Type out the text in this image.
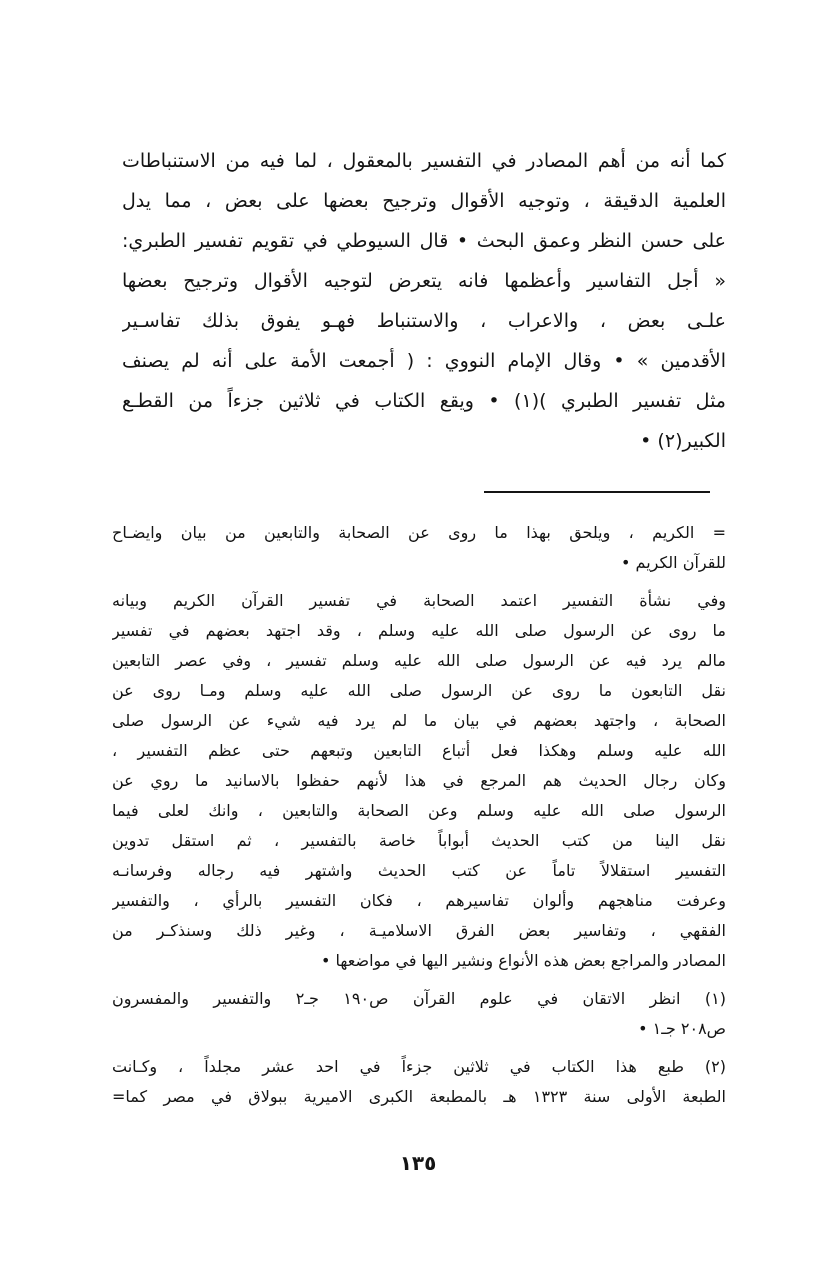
كما أنه من أهم المصادر في التفسير بالمعقول ، لما فيه من الاستنباطات
العلمية الدقيقة ، وتوجيه الأقوال وترجيح بعضها على بعض ، مما يدل
على حسن النظر وعمق البحث • قال السيوطي في تقويم تفسير الطبري:
« أجل التفاسير وأعظمها فانه يتعرض لتوجيه الأقوال وترجيح بعضها
علـى بعض ، والاعراب ، والاستنباط فهـو يفوق بذلك تفاسـير
الأقدمين » • وقال الإمام النووي : ( أجمعت الأمة على أنه لم يصنف
مثل تفسير الطبري )(١) • ويقع الكتاب في ثلاثين جزءاً من القطـع
الكبير(٢) •
= الكريم ، ويلحق بهذا ما روى عن الصحابة والتابعين من بيان وايضـاح
للقرآن الكريم •
وفي نشأة التفسير اعتمد الصحابة في تفسير القرآن الكريم وبيانه
ما روى عن الرسول صلى الله عليه وسلم ، وقد اجتهد بعضهم في تفسير
مالم يرد فيه عن الرسول صلى الله عليه وسلم تفسير ، وفي عصر التابعين
نقل التابعون ما روى عن الرسول صلى الله عليه وسلم ومـا روى عن
الصحابة ، واجتهد بعضهم في بيان ما لم يرد فيه شيء عن الرسول صلى
الله عليه وسلم وهكذا فعل أتباع التابعين وتبعهم حتى عظم التفسير ،
وكان رجال الحديث هم المرجع في هذا لأنهم حفظوا بالاسانيد ما روي عن
الرسول صلى الله عليه وسلم وعن الصحابة والتابعين ، وانك لعلى فيما
نقل الينا من كتب الحديث أبواباً خاصة بالتفسير ، ثم استقل تدوين
التفسير استقلالاً تاماً عن كتب الحديث واشتهر فيه رجاله وفرسانـه
وعرفت مناهجهم وألوان تفاسيرهم ، فكان التفسير بالرأي ، والتفسير
الفقهي ، وتفاسير بعض الفرق الاسلاميـة ، وغير ذلك وسنذكـر من
المصادر والمراجع بعض هذه الأنواع ونشير اليها في مواضعها •
(١) انظر الاتقان في علوم القرآن ص١٩٠ جـ٢ والتفسير والمفسرون
ص٢٠٨ جـ١ •
(٢) طبع هذا الكتاب في ثلاثين جزءاً في احد عشر مجلداً ، وكـانت
الطبعة الأولى سنة ١٣٢٣ هـ بالمطبعة الكبرى الاميرية ببولاق في مصر كما=
١٣٥
